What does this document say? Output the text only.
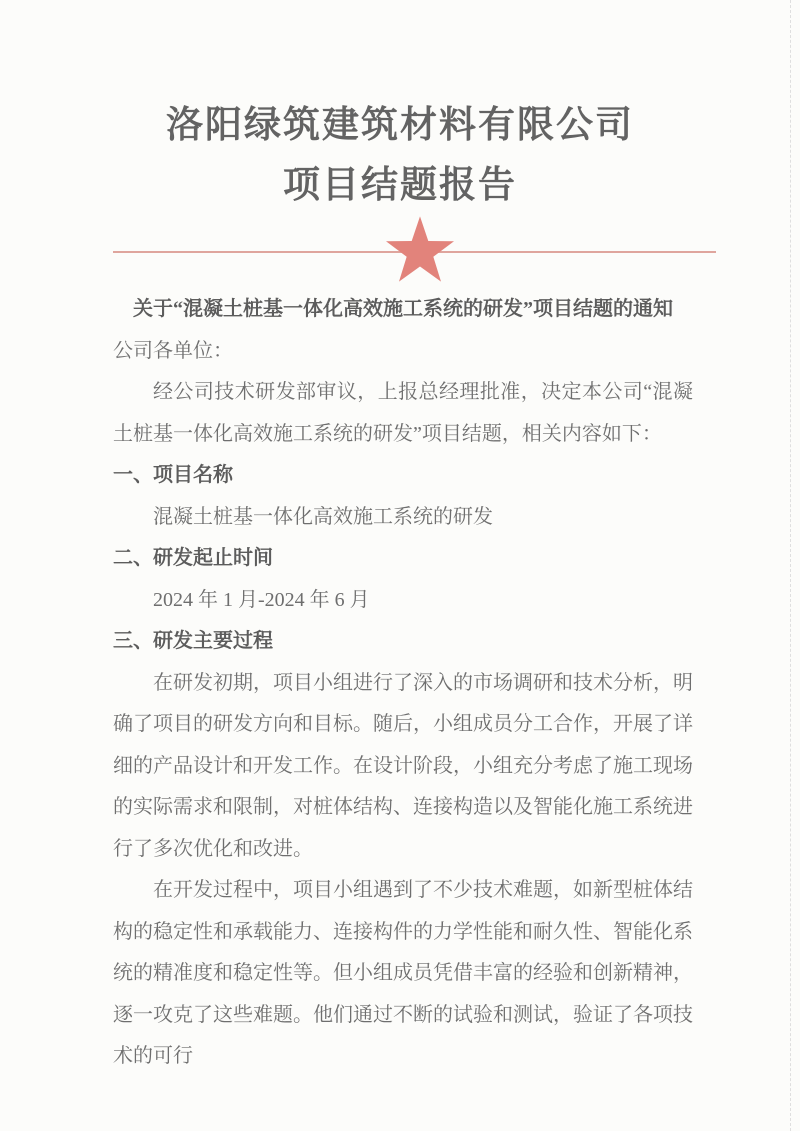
洛阳绿筑建筑材料有限公司
项目结题报告
关于“混凝土桩基一体化高效施工系统的研发”项目结题的通知
公司各单位：
经公司技术研发部审议，上报总经理批准，决定本公司“混凝土桩基一体化高效施工系统的研发”项目结题，相关内容如下：
一、项目名称
混凝土桩基一体化高效施工系统的研发
二、研发起止时间
2024 年 1 月-2024 年 6 月
三、研发主要过程
在研发初期，项目小组进行了深入的市场调研和技术分析，明确了项目的研发方向和目标。随后，小组成员分工合作，开展了详细的产品设计和开发工作。在设计阶段，小组充分考虑了施工现场的实际需求和限制，对桩体结构、连接构造以及智能化施工系统进行了多次优化和改进。
在开发过程中，项目小组遇到了不少技术难题，如新型桩体结构的稳定性和承载能力、连接构件的力学性能和耐久性、智能化系统的精准度和稳定性等。但小组成员凭借丰富的经验和创新精神，逐一攻克了这些难题。他们通过不断的试验和测试，验证了各项技术的可行
